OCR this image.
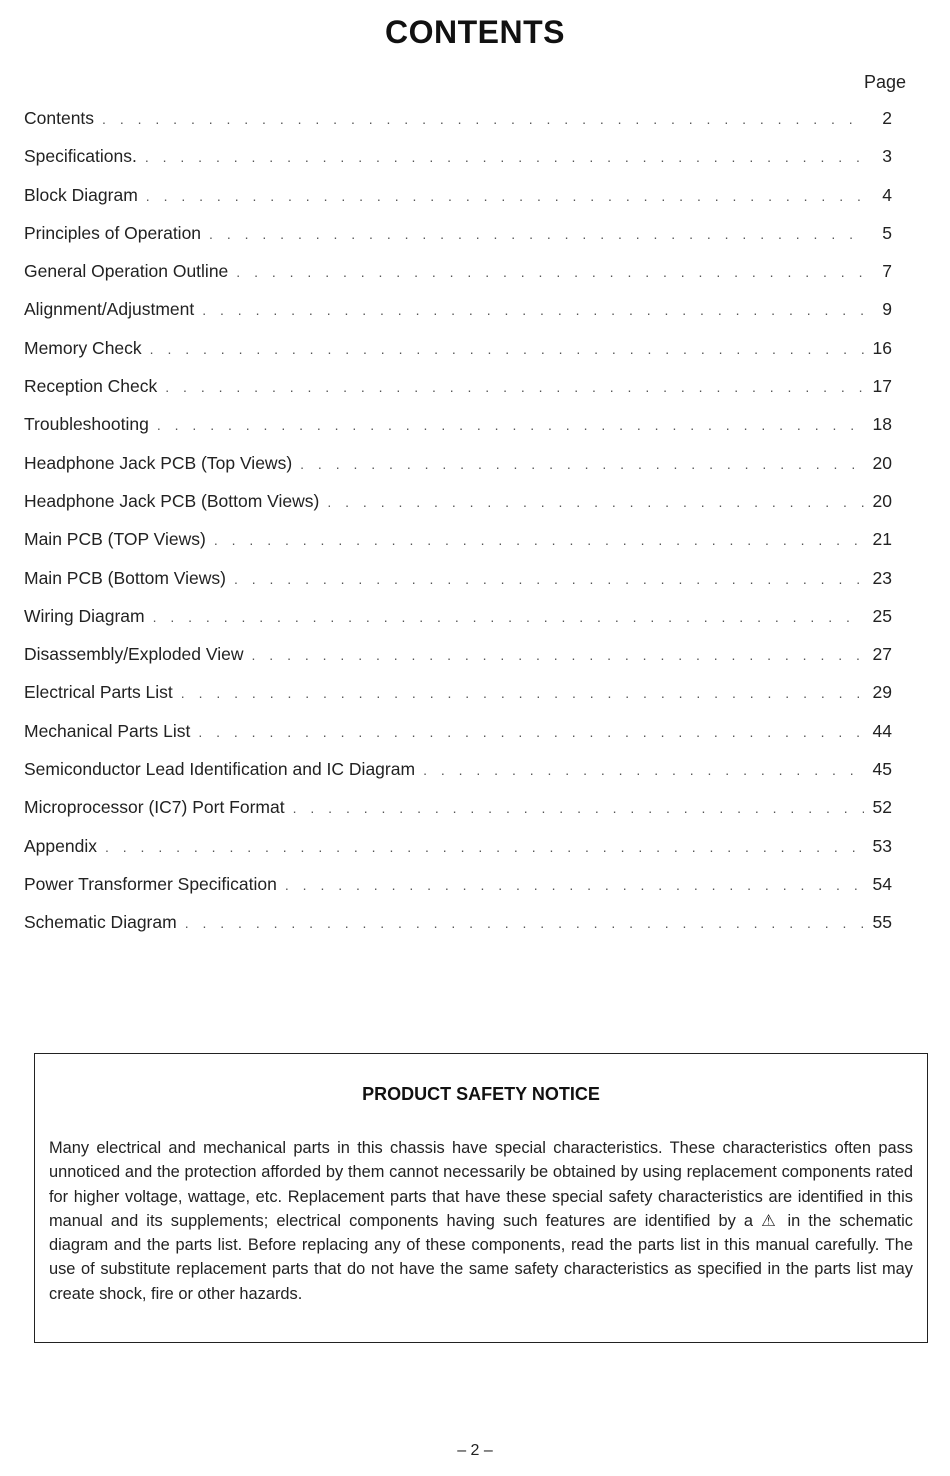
CONTENTS
Page
Contents . . .	2
Specifications. . . .	3
Block Diagram . . .	4
Principles of Operation . . .	5
General Operation Outline . . .	7
Alignment/Adjustment . . .	9
Memory Check . . .	16
Reception Check . . .	17
Troubleshooting . . .	18
Headphone Jack PCB (Top Views) . . .	20
Headphone Jack PCB (Bottom Views) . . .	20
Main PCB (TOP Views) . . .	21
Main PCB (Bottom Views) . . .	23
Wiring Diagram . . .	25
Disassembly/Exploded View . . .	27
Electrical Parts List . . .	29
Mechanical Parts List . . .	44
Semiconductor Lead Identification and IC Diagram . . .	45
Microprocessor (IC7) Port Format . . .	52
Appendix . . .	53
Power Transformer Specification . . .	54
Schematic Diagram . . .	55
PRODUCT SAFETY NOTICE
Many electrical and mechanical parts in this chassis have special characteristics. These characteristics often pass unnoticed and the protection afforded by them cannot necessarily be obtained by using replacement components rated for higher voltage, wattage, etc. Replacement parts that have these special safety characteristics are identified in this manual and its supplements; electrical components having such features are identified by a ⚠ in the schematic diagram and the parts list. Before replacing any of these components, read the parts list in this manual carefully. The use of substitute replacement parts that do not have the same safety characteristics as specified in the parts list may create shock, fire or other hazards.
– 2 –
